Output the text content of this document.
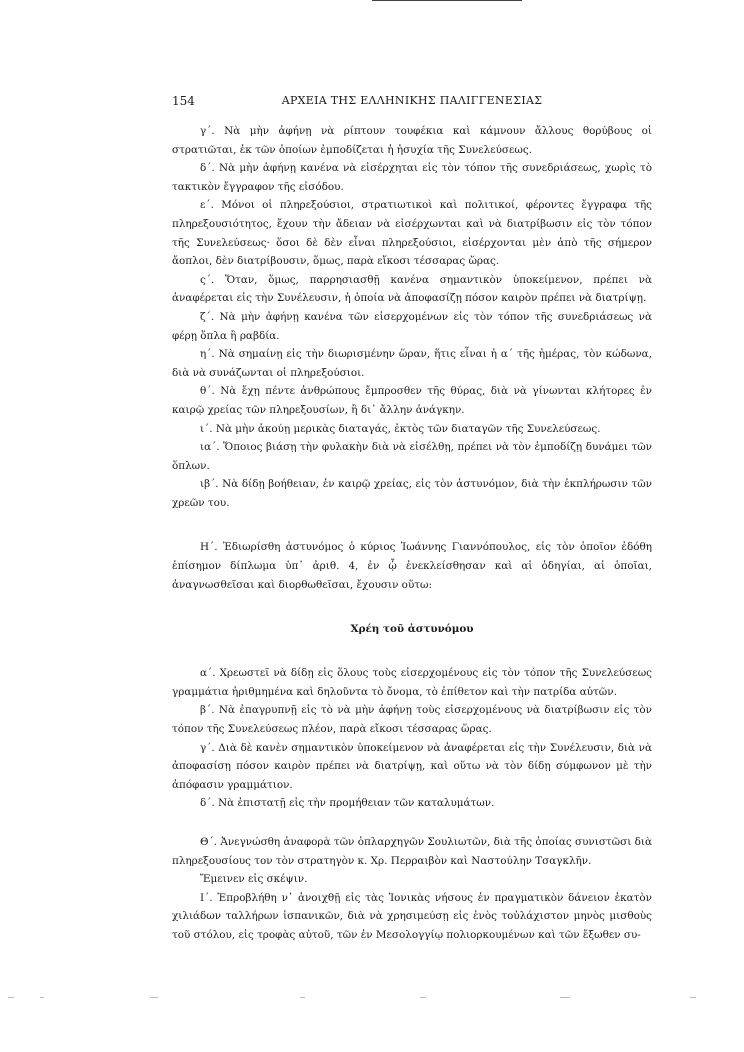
154	ΑΡΧΕΙΑ ΤΗΣ ΕΛΛΗΝΙΚΗΣ ΠΑΛΙΓΓΕΝΕΣΙΑΣ

γ΄. Νὰ μὴν ἀφήνῃ νὰ ρίπτουν τουφέκια καὶ κάμνουν ἄλλους θορύβους οἱ στρατιῶται, ἐκ τῶν ὁποίων ἐμποδίζεται ἡ ἡσυχία τῆς Συνελεύσεως.

δ΄. Νὰ μὴν ἀφήνῃ κανένα νὰ εἰσέρχηται εἰς τὸν τόπον τῆς συνεδριάσεως, χωρὶς τὸ τακτικὸν ἔγγραφον τῆς εἰσόδου.

ε΄. Μόνοι οἱ πληρεξούσιοι, στρατιωτικοὶ καὶ πολιτικοί, φέροντες ἔγγραφα τῆς πληρεξουσιότητος, ἔχουν τὴν ἄδειαν νὰ εἰσέρχωνται καὶ νὰ διατρίβωσιν εἰς τὸν τόπον τῆς Συνελεύσεως· ὅσοι δὲ δὲν εἶναι πληρεξούσιοι, εἰσέρχονται μὲν ἀπὸ τῆς σήμερον ἄοπλοι, δὲν διατρίβουσιν, ὅμως, παρὰ εἴκοσι τέσσαρας ὥρας.

ς΄. Ὅταν, ὅμως, παρρησιασθῇ κανένα σημαντικὸν ὑποκείμενον, πρέπει νὰ ἀναφέρεται εἰς τὴν Συνέλευσιν, ἡ ὁποία νὰ ἀποφασίζῃ πόσον καιρὸν πρέπει νὰ διατρίψῃ.

ζ΄. Νὰ μὴν ἀφήνῃ κανένα τῶν εἰσερχομένων εἰς τὸν τόπον τῆς συνεδριάσεως νὰ φέρῃ ὅπλα ἢ ραβδία.

η΄. Νὰ σημαίνῃ εἰς τὴν διωρισμένην ὥραν, ἥτις εἶναι ἡ α΄ τῆς ἡμέρας, τὸν κώδωνα, διὰ νὰ συνάζωνται οἱ πληρεξούσιοι.

θ΄. Νὰ ἔχῃ πέντε ἀνθρώπους ἔμπροσθεν τῆς θύρας, διὰ νὰ γίνωνται κλήτορες ἐν καιρῷ χρείας τῶν πληρεξουσίων, ἢ δι᾿ ἄλλην ἀνάγκην.

ι΄. Νὰ μὴν ἀκούῃ μερικὰς διαταγάς, ἐκτὸς τῶν διαταγῶν τῆς Συνελεύσεως.

ια΄. Ὅποιος βιάσῃ τὴν φυλακὴν διὰ νὰ εἰσέλθῃ, πρέπει νὰ τὸν ἐμποδίζῃ δυνάμει τῶν ὅπλων.

ιβ΄. Νὰ δίδῃ βοήθειαν, ἐν καιρῷ χρείας, εἰς τὸν ἀστυνόμον, διὰ τὴν ἐκπλήρωσιν τῶν χρεῶν του.

Η΄. Ἐδιωρίσθη ἀστυνόμος ὁ κύριος Ἰωάννης Γιαννόπουλος, εἰς τὸν ὁποῖον ἐδόθη ἐπίσημον δίπλωμα ὑπ᾿ ἀριθ. 4, ἐν ᾧ ἐνεκλείσθησαν καὶ αἱ ὁδηγίαι, αἱ ὁποῖαι, ἀναγνωσθεῖσαι καὶ διορθωθεῖσαι, ἔχουσιν οὕτω:

Χρέη τοῦ ἀστυνόμου

α΄. Χρεωστεῖ νὰ δίδῃ εἰς ὅλους τοὺς εἰσερχομένους εἰς τὸν τόπον τῆς Συνελεύσεως γραμμάτια ἠριθμημένα καὶ δηλοῦντα τὸ ὄνομα, τὸ ἐπίθετον καὶ τὴν πατρίδα αὐτῶν.

β΄. Νὰ ἐπαγρυπνῇ εἰς τὸ νὰ μὴν ἀφήνῃ τοὺς εἰσερχομένους νὰ διατρίβωσιν εἰς τὸν τόπον τῆς Συνελεύσεως πλέον, παρὰ εἴκοσι τέσσαρας ὥρας.

γ΄. Διὰ δὲ κανὲν σημαντικὸν ὑποκείμενον νὰ ἀναφέρεται εἰς τὴν Συνέλευσιν, διὰ νὰ ἀποφασίσῃ πόσον καιρὸν πρέπει νὰ διατρίψῃ, καὶ οὕτω νὰ τὸν δίδῃ σύμφωνον μὲ τὴν ἀπόφασιν γραμμάτιον.

δ΄. Νὰ ἐπιστατῇ εἰς τὴν προμήθειαν τῶν καταλυμάτων.

Θ΄. Ἀνεγνώσθη ἀναφορὰ τῶν ὁπλαρχηγῶν Σουλιωτῶν, διὰ τῆς ὁποίας συνιστῶσι διὰ πληρεξουσίους τον τὸν στρατηγὸν κ. Χρ. Περραιβὸν καὶ Ναστούλην Τσαγκλῆν.

Ἔμεινεν εἰς σκέψιν.

Ι΄. Ἐπροβλήθη ν᾿ ἀνοιχθῇ εἰς τὰς Ἰονικὰς νήσους ἐν πραγματικὸν δάνειον ἑκατὸν χιλιάδων ταλλήρων ἱσπανικῶν, διὰ νὰ χρησιμεύσῃ εἰς ἑνὸς τοὐλάχιστον μηνὸς μισθοὺς τοῦ στόλου, εἰς τροφὰς αὐτοῦ, τῶν ἐν Μεσολογγίῳ πολιορκουμένων καὶ τῶν ἔξωθεν συ-
